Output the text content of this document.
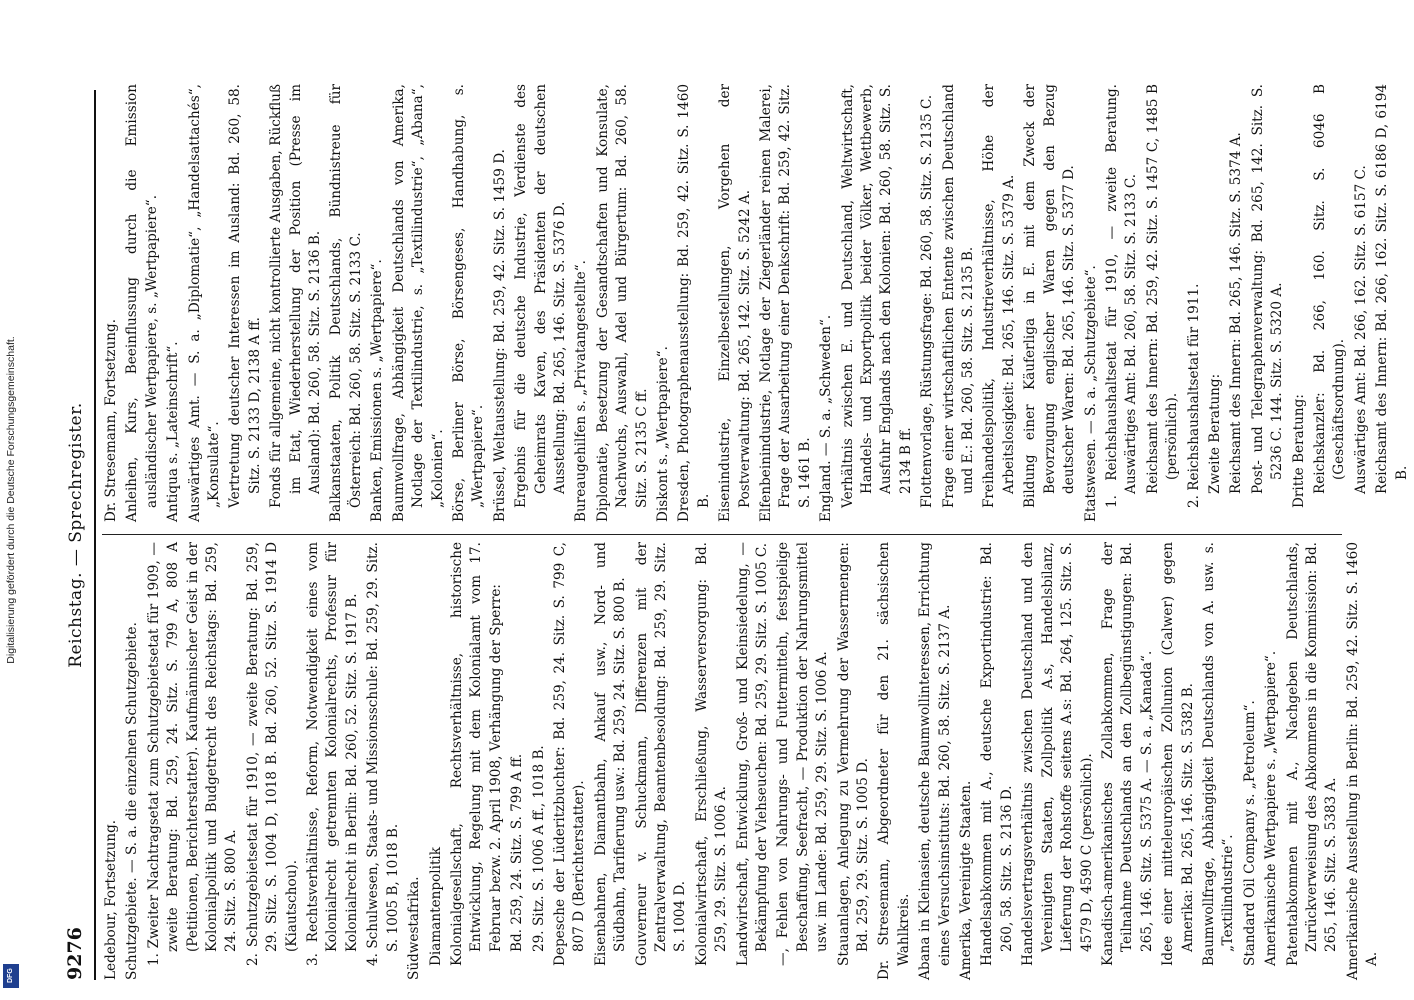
Digitalisierung gefördert durch die Deutsche Forschungsgemeinschaft.
DFG	9276
Reichstag. — Sprechregister.

Ledebour, Fortsetzung. Schutzgebiete. — S. a. die einzelnen Schutzgebiete. 1. Zweiter Nachtragsetat zum Schutzgebietsetat für 1909, — zweite Beratung: Bd. 259, 24. Sitz. S. 799 A, 808 A (Petitionen, Berichterstatter). Kaufmännischer Geist in der Kolonialpolitik und Budgetrecht des Reichstags: Bd. 259, 24. Sitz. S. 800 A. 2. Schutzgebietsetat für 1910, — zweite Beratung: Bd. 259, 29. Sitz. S. 1004 D, 1018 B. Bd. 260, 52. Sitz. S. 1914 D (Kiautschou). 3. Rechtsverhältnisse, Reform, Notwendigkeit eines vom Kolonialrecht getrennten Kolonialrechts, Professur für Kolonialrecht in Berlin: Bd. 260, 52. Sitz. S. 1917 B. 4. Schulwesen, Staats- und Missionsschule: Bd. 259, 29. Sitz. S. 1005 B, 1018 B. Südwestafrika. Diamantenpolitik Kolonialgesellschaft, Rechtsverhältnisse, historische Entwicklung, Regelung mit dem Kolonialamt vom 17. Februar bezw. 2. April 1908, Verhängung der Sperre: Bd. 259, 24. Sitz. S. 799 A ff. 29. Sitz. S. 1006 A ff., 1018 B. Depesche der Lüderitzbuchter: Bd. 259, 24. Sitz. S. 799 C, 807 D (Berichterstatter). Eisenbahnen, Diamantbahn, Ankauf usw., Nord- und Südbahn, Tarifierung usw.: Bd. 259, 24. Sitz. S. 800 B. Gouverneur v. Schuckmann, Differenzen mit der Zentralverwaltung, Beamtenbesoldung: Bd. 259, 29. Sitz. S. 1004 D. Kolonialwirtschaft, Erschließung, Wasserversorgung: Bd. 259, 29. Sitz. S. 1006 A. Landwirtschaft, Entwicklung, Groß- und Kleinsiedelung, — Bekämpfung der Viehseuchen: Bd. 259, 29. Sitz. S. 1005 C. —, Fehlen von Nahrungs- und Futtermitteln, festspielige Beschaffung, Seefracht, — Produktion der Nahrungsmittel usw. im Lande: Bd. 259, 29. Sitz. S. 1006 A. Stauanlagen, Anlegung zu Vermehrung der Wassermengen: Bd. 259, 29. Sitz. S. 1005 D. Dr. Stresemann, Abgeordneter für den 21. sächsischen Wahlkreis. Abana in Kleinasien, deutsche Baumwollinteressen, Errichtung eines Versuchsinstituts: Bd. 260, 58. Sitz. S. 2137 A. Amerika, Vereinigte Staaten. Handelsabkommen mit A., deutsche Exportindustrie: Bd. 260, 58. Sitz. S. 2136 D. Handelsvertragsverhältnis zwischen Deutschland und den Vereinigten Staaten, Zollpolitik A.s, Handelsbilanz, Lieferung der Rohstoffe seitens A.s: Bd. 264, 125. Sitz. S. 4579 D, 4590 C (persönlich). Kanadisch-amerikanisches Zollabkommen, Frage der Teilnahme Deutschlands an den Zollbegünstigungen: Bd. 265, 146. Sitz. S. 5375 A. — S. a. „Kanada“. Idee einer mitteleuropäischen Zollunion (Calwer) gegen Amerika: Bd. 265, 146. Sitz. S. 5382 B. Baumwollfrage, Abhängigkeit Deutschlands von A. usw. s. „Textilindustrie“. Standard Oil Company s. „Petroleum“. Amerikanische Wertpapiere s. „Wertpapiere“. Patentabkommen mit A., Nachgeben Deutschlands, Zurückverweisung des Abkommens in die Kommission: Bd. 265, 146. Sitz. S. 5383 A. Amerikanische Ausstellung in Berlin: Bd. 259, 42. Sitz. S. 1460 A.

Dr. Stresemann, Fortsetzung. Anleihen, Kurs, Beeinflussung durch die Emission ausländischer Wertpapiere, s. „Wertpapiere“. Antiqua s. „Lateinschrift“. Auswärtiges Amt. — S. a. „Diplomatie“, „Handelsattachés“, „Konsulate“. Vertretung deutscher Interessen im Ausland: Bd. 260, 58. Sitz. S. 2133 D, 2138 A ff. Fonds für allgemeine, nicht kontrollierte Ausgaben, Rückfluß im Etat, Wiederherstellung der Position (Presse im Ausland): Bd. 260, 58. Sitz. S. 2136 B. Balkanstaaten, Politik Deutschlands, Bündnistreue für Österreich: Bd. 260, 58. Sitz. S. 2133 C. Banken, Emissionen s. „Wertpapiere“. Baumwollfrage, Abhängigkeit Deutschlands von Amerika, Notlage der Textilindustrie, s. „Textilindustrie“, „Abana“, „Kolonien“. Börse, Berliner Börse, Börsengeses, Handhabung, s. „Wertpapiere“. Brüssel, Weltausstellung: Bd. 259, 42. Sitz. S. 1459 D. Ergebnis für die deutsche Industrie, Verdienste des Geheimrats Kaven, des Präsidenten der deutschen Ausstellung: Bd. 265, 146. Sitz. S. 5376 D. Bureaugehilfen s. „Privatangestellte“. Diplomatie, Besetzung der Gesandtschaften und Konsulate, Nachwuchs, Auswahl, Adel und Bürgertum: Bd. 260, 58. Sitz. S. 2135 C ff. Diskont s. „Wertpapiere“. Dresden, Photographenausstellung: Bd. 259, 42. Sitz. S. 1460 B. Eisenindustrie, Einzelbestellungen, Vorgehen der Postverwaltung: Bd. 265, 142. Sitz. S. 5242 A. Elfenbeinindustrie, Notlage der Ziegerländer reinen Malerei, Frage der Ausarbeitung einer Denkschrift: Bd. 259, 42. Sitz. S. 1461 B. England. — S. a. „Schweden“. Verhältnis zwischen E. und Deutschland, Weltwirtschaft, Handels- und Exportpolitik beider Völker, Wettbewerb, Ausfuhr Englands nach den Kolonien: Bd. 260, 58. Sitz. S. 2134 B ff. Flottenvorlage, Rüstungsfrage: Bd. 260, 58. Sitz. S. 2135 C. Frage einer wirtschaftlichen Entente zwischen Deutschland und E.: Bd. 260, 58. Sitz. S. 2135 B. Freihandelspolitik, Industrieverhältnisse, Höhe der Arbeitslosigkeit: Bd. 265, 146. Sitz. S. 5379 A. Bildung einer Käuferliga in E. mit dem Zweck der Bevorzugung englischer Waren gegen den Bezug deutscher Waren: Bd. 265, 146. Sitz. S. 5377 D. Etatswesen. — S. a. „Schutzgebiete“. 1. Reichshaushaltsetat für 1910, — zweite Beratung. Auswärtiges Amt: Bd. 260, 58. Sitz. S. 2133 C. Reichsamt des Innern: Bd. 259, 42. Sitz. S. 1457 C, 1485 B (persönlich). 2. Reichshaushaltsetat für 1911. Zweite Beratung: Reichsamt des Innern: Bd. 265, 146. Sitz. S. 5374 A. Post- und Telegraphenverwaltung: Bd. 265, 142. Sitz. S. 5236 C. 144. Sitz. S. 5320 A. Dritte Beratung: Reichskanzler: Bd. 266, 160. Sitz. S. 6046 B (Geschäftsordnung). Auswärtiges Amt: Bd. 266, 162. Sitz. S. 6157 C. Reichsamt des Innern: Bd. 266, 162. Sitz. S. 6186 D, 6194 B.
